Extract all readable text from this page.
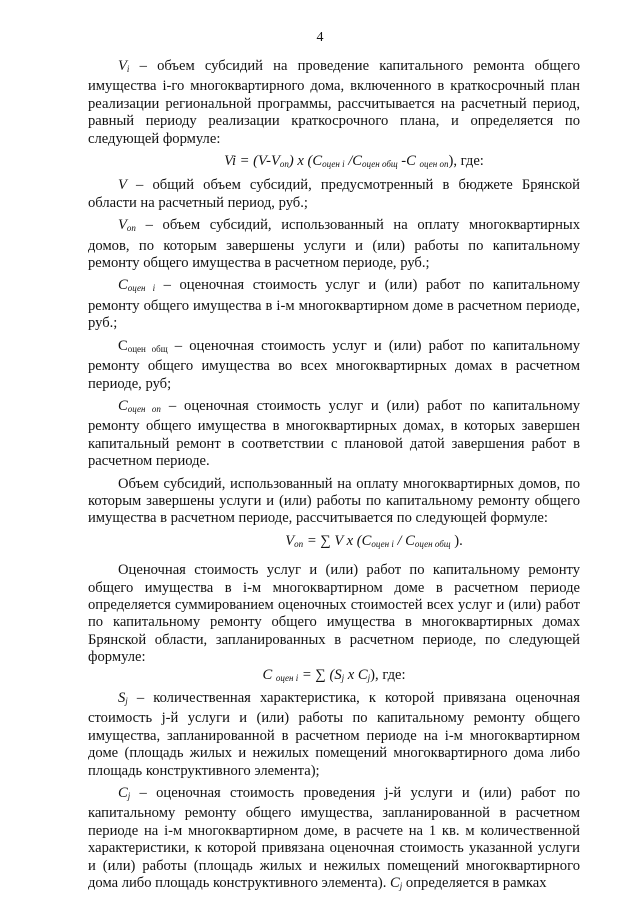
4

$V_i$ – объем субсидий на проведение капитального ремонта общего имущества i-го многоквартирного дома, включенного в краткосрочный план реализации региональной программы, рассчитывается на расчетный период, равный периоду реализации краткосрочного плана, и определяется по следующей формуле:

$Vi = (V-V_{оп})$ x ($C_{оцен i}$ $/C_{оцен общ}$ -C $_{оцен оп}$), где:

V – общий объем субсидий, предусмотренный в бюджете Брянской области на расчетный период, руб.;

$V_{оп}$ – объем субсидий, использованный на оплату многоквартирных домов, по которым завершены услуги и (или) работы по капитальному ремонту общего имущества в расчетном периоде, руб.;

$C_{оцен i}$ – оценочная стоимость услуг и (или) работ по капитальному ремонту общего имущества в i-м многоквартирном доме в расчетном периоде, руб.;

$С_{оцен общ}$ – оценочная стоимость услуг и (или) работ по капитальному ремонту общего имущества во всех многоквартирных домах в расчетном периоде, руб;

$C_{оцен оп}$ – оценочная стоимость услуг и (или) работ по капитальному ремонту общего имущества в многоквартирных домах, в которых завершен капитальный ремонт в соответствии с плановой датой завершения работ в расчетном периоде.

Объем субсидий, использованный на оплату многоквартирных домов, по которым завершены услуги и (или) работы по капитальному ремонту общего имущества в расчетном периоде, рассчитывается по следующей формуле:

$V_{оп}$ = ∑ V x ($C_{оцен i} / C_{оцен общ}$ ).

Оценочная стоимость услуг и (или) работ по капитальному ремонту общего имущества в i-м многоквартирном доме в расчетном периоде определяется суммированием оценочных стоимостей всех услуг и (или) работ по капитальному ремонту общего имущества в многоквартирных домах Брянской области, запланированных в расчетном периоде, по следующей формуле:

C $_{оцен i}$ = ∑ ($S_j$ x $C_j$), где:

$S_j$ – количественная характеристика, к которой привязана оценочная стоимость j-й услуги и (или) работы по капитальному ремонту общего имущества, запланированной в расчетном периоде на i-м многоквартирном доме (площадь жилых и нежилых помещений многоквартирного дома либо площадь конструктивного элемента);

$C_j$ – оценочная стоимость проведения j-й услуги и (или) работ по капитальному ремонту общего имущества, запланированной в расчетном периоде на i-м многоквартирном доме, в расчете на 1 кв. м количественной характеристики, к которой привязана оценочная стоимость указанной услуги и (или) работы (площадь жилых и нежилых помещений многоквартирного дома либо площадь конструктивного элемента). $C_j$ определяется в рамках
